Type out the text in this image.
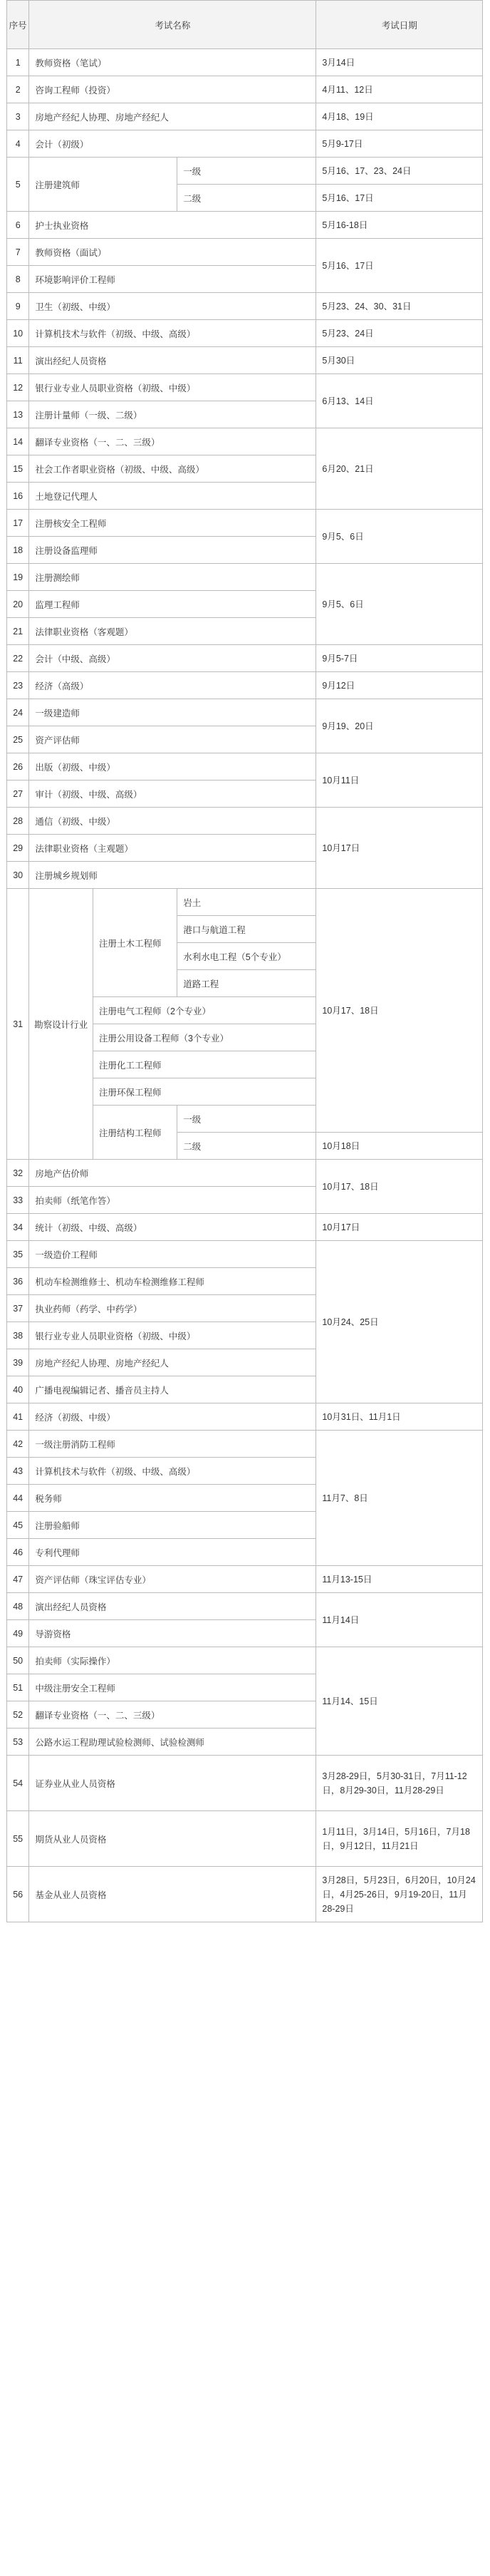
序号	考试名称			考试日期
1	教师资格（笔试）			3月14日
2	咨询工程师（投资）			4月11、12日
3	房地产经纪人协理、房地产经纪人			4月18、19日
4	会计（初级）			5月9-17日
5	注册建筑师		一级	5月16、17、23、24日
			二级	5月16、17日
6	护士执业资格			5月16-18日
7	教师资格（面试）			5月16、17日
8	环境影响评价工程师			
9	卫生（初级、中级）			5月23、24、30、31日
10	计算机技术与软件（初级、中级、高级）			5月23、24日
11	演出经纪人员资格			5月30日
12	银行业专业人员职业资格（初级、中级）			6月13、14日
13	注册计量师（一级、二级）			
14	翻译专业资格（一、二、三级）			6月20、21日
15	社会工作者职业资格（初级、中级、高级）			
16	土地登记代理人			
17	注册核安全工程师			9月5、6日
18	注册设备监理师			
19	注册测绘师			9月5、6日
20	监理工程师			
21	法律职业资格（客观题）			
22	会计（中级、高级）			9月5-7日
23	经济（高级）			9月12日
24	一级建造师			9月19、20日
25	资产评估师			
26	出版（初级、中级）			10月11日
27	审计（初级、中级、高级）			
28	通信（初级、中级）			10月17日
29	法律职业资格（主观题）			
30	注册城乡规划师			
31	勘察设计行业	注册土木工程师	岩土	10月17、18日
			港口与航道工程	
			水利水电工程（5个专业）	
			道路工程	
		注册电气工程师（2个专业）		
		注册公用设备工程师（3个专业）		
		注册化工工程师		
		注册环保工程师		
		注册结构工程师	一级	
			二级	10月18日
32	房地产估价师			10月17、18日
33	拍卖师（纸笔作答）			
34	统计（初级、中级、高级）			10月17日
35	一级造价工程师			10月24、25日
36	机动车检测维修士、机动车检测维修工程师			
37	执业药师（药学、中药学）			
38	银行业专业人员职业资格（初级、中级）			
39	房地产经纪人协理、房地产经纪人			
40	广播电视编辑记者、播音员主持人			
41	经济（初级、中级）			10月31日、11月1日
42	一级注册消防工程师			11月7、8日
43	计算机技术与软件（初级、中级、高级）			
44	税务师			
45	注册验船师			
46	专利代理师			
47	资产评估师（珠宝评估专业）			11月13-15日
48	演出经纪人员资格			11月14日
49	导游资格			
50	拍卖师（实际操作）			11月14、15日
51	中级注册安全工程师			
52	翻译专业资格（一、二、三级）			
53	公路水运工程助理试验检测师、试验检测师			
54	证券业从业人员资格			3月28-29日，5月30-31日，7月11-12日，8月29-30日，11月28-29日
55	期货从业人员资格			1月11日，3月14日，5月16日，7月18日，9月12日，11月21日
56	基金从业人员资格			3月28日，5月23日，6月20日，10月24日，4月25-26日，9月19-20日，11月28-29日
